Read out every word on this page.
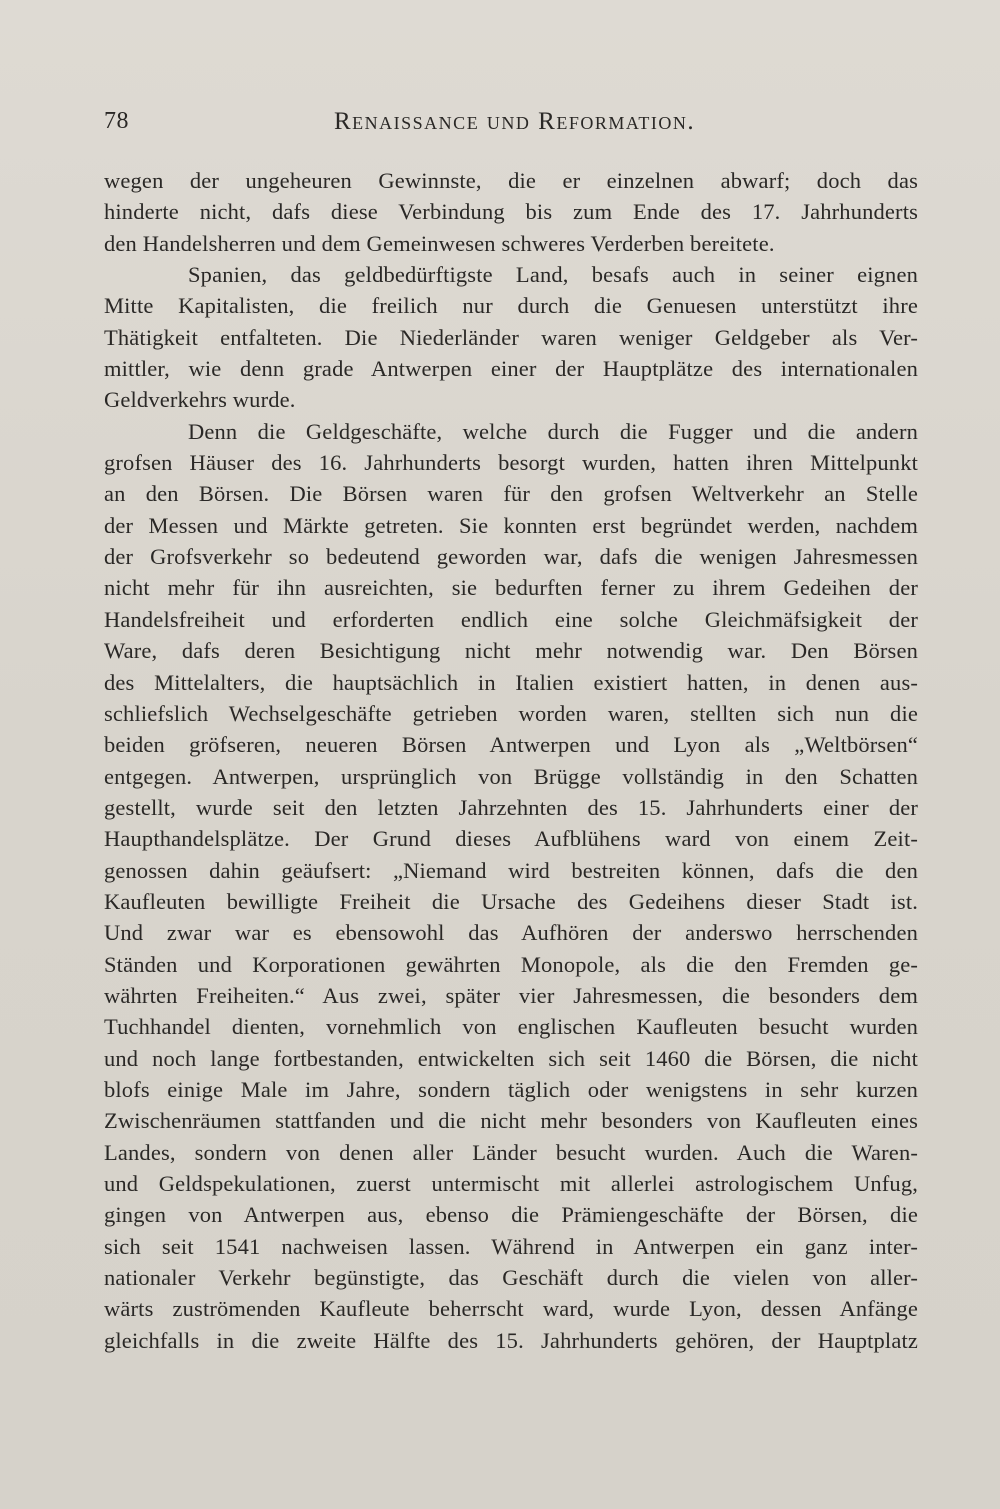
78	Renaissance und Reformation.
wegen der ungeheuren Gewinnste, die er einzelnen abwarf; doch das
hinderte nicht, dafs diese Verbindung bis zum Ende des 17. Jahrhunderts
den Handelsherren und dem Gemeinwesen schweres Verderben bereitete.
Spanien, das geldbedürftigste Land, besafs auch in seiner eignen
Mitte Kapitalisten, die freilich nur durch die Genuesen unterstützt ihre
Thätigkeit entfalteten. Die Niederländer waren weniger Geldgeber als Ver-
mittler, wie denn grade Antwerpen einer der Hauptplätze des internationalen
Geldverkehrs wurde.
Denn die Geldgeschäfte, welche durch die Fugger und die andern
grofsen Häuser des 16. Jahrhunderts besorgt wurden, hatten ihren Mittelpunkt
an den Börsen. Die Börsen waren für den grofsen Weltverkehr an Stelle
der Messen und Märkte getreten. Sie konnten erst begründet werden, nachdem
der Grofsverkehr so bedeutend geworden war, dafs die wenigen Jahresmessen
nicht mehr für ihn ausreichten, sie bedurften ferner zu ihrem Gedeihen der
Handelsfreiheit und erforderten endlich eine solche Gleichmäfsigkeit der
Ware, dafs deren Besichtigung nicht mehr notwendig war. Den Börsen
des Mittelalters, die hauptsächlich in Italien existiert hatten, in denen aus-
schliefslich Wechselgeschäfte getrieben worden waren, stellten sich nun die
beiden gröfseren, neueren Börsen Antwerpen und Lyon als „Weltbörsen“
entgegen. Antwerpen, ursprünglich von Brügge vollständig in den Schatten
gestellt, wurde seit den letzten Jahrzehnten des 15. Jahrhunderts einer der
Haupthandelsplätze. Der Grund dieses Aufblühens ward von einem Zeit-
genossen dahin geäufsert: „Niemand wird bestreiten können, dafs die den
Kaufleuten bewilligte Freiheit die Ursache des Gedeihens dieser Stadt ist.
Und zwar war es ebensowohl das Aufhören der anderswo herrschenden
Ständen und Korporationen gewährten Monopole, als die den Fremden ge-
währten Freiheiten.“ Aus zwei, später vier Jahresmessen, die besonders dem
Tuchhandel dienten, vornehmlich von englischen Kaufleuten besucht wurden
und noch lange fortbestanden, entwickelten sich seit 1460 die Börsen, die nicht
blofs einige Male im Jahre, sondern täglich oder wenigstens in sehr kurzen
Zwischenräumen stattfanden und die nicht mehr besonders von Kaufleuten eines
Landes, sondern von denen aller Länder besucht wurden. Auch die Waren-
und Geldspekulationen, zuerst untermischt mit allerlei astrologischem Unfug,
gingen von Antwerpen aus, ebenso die Prämiengeschäfte der Börsen, die
sich seit 1541 nachweisen lassen. Während in Antwerpen ein ganz inter-
nationaler Verkehr begünstigte, das Geschäft durch die vielen von aller-
wärts zuströmenden Kaufleute beherrscht ward, wurde Lyon, dessen Anfänge
gleichfalls in die zweite Hälfte des 15. Jahrhunderts gehören, der Hauptplatz
